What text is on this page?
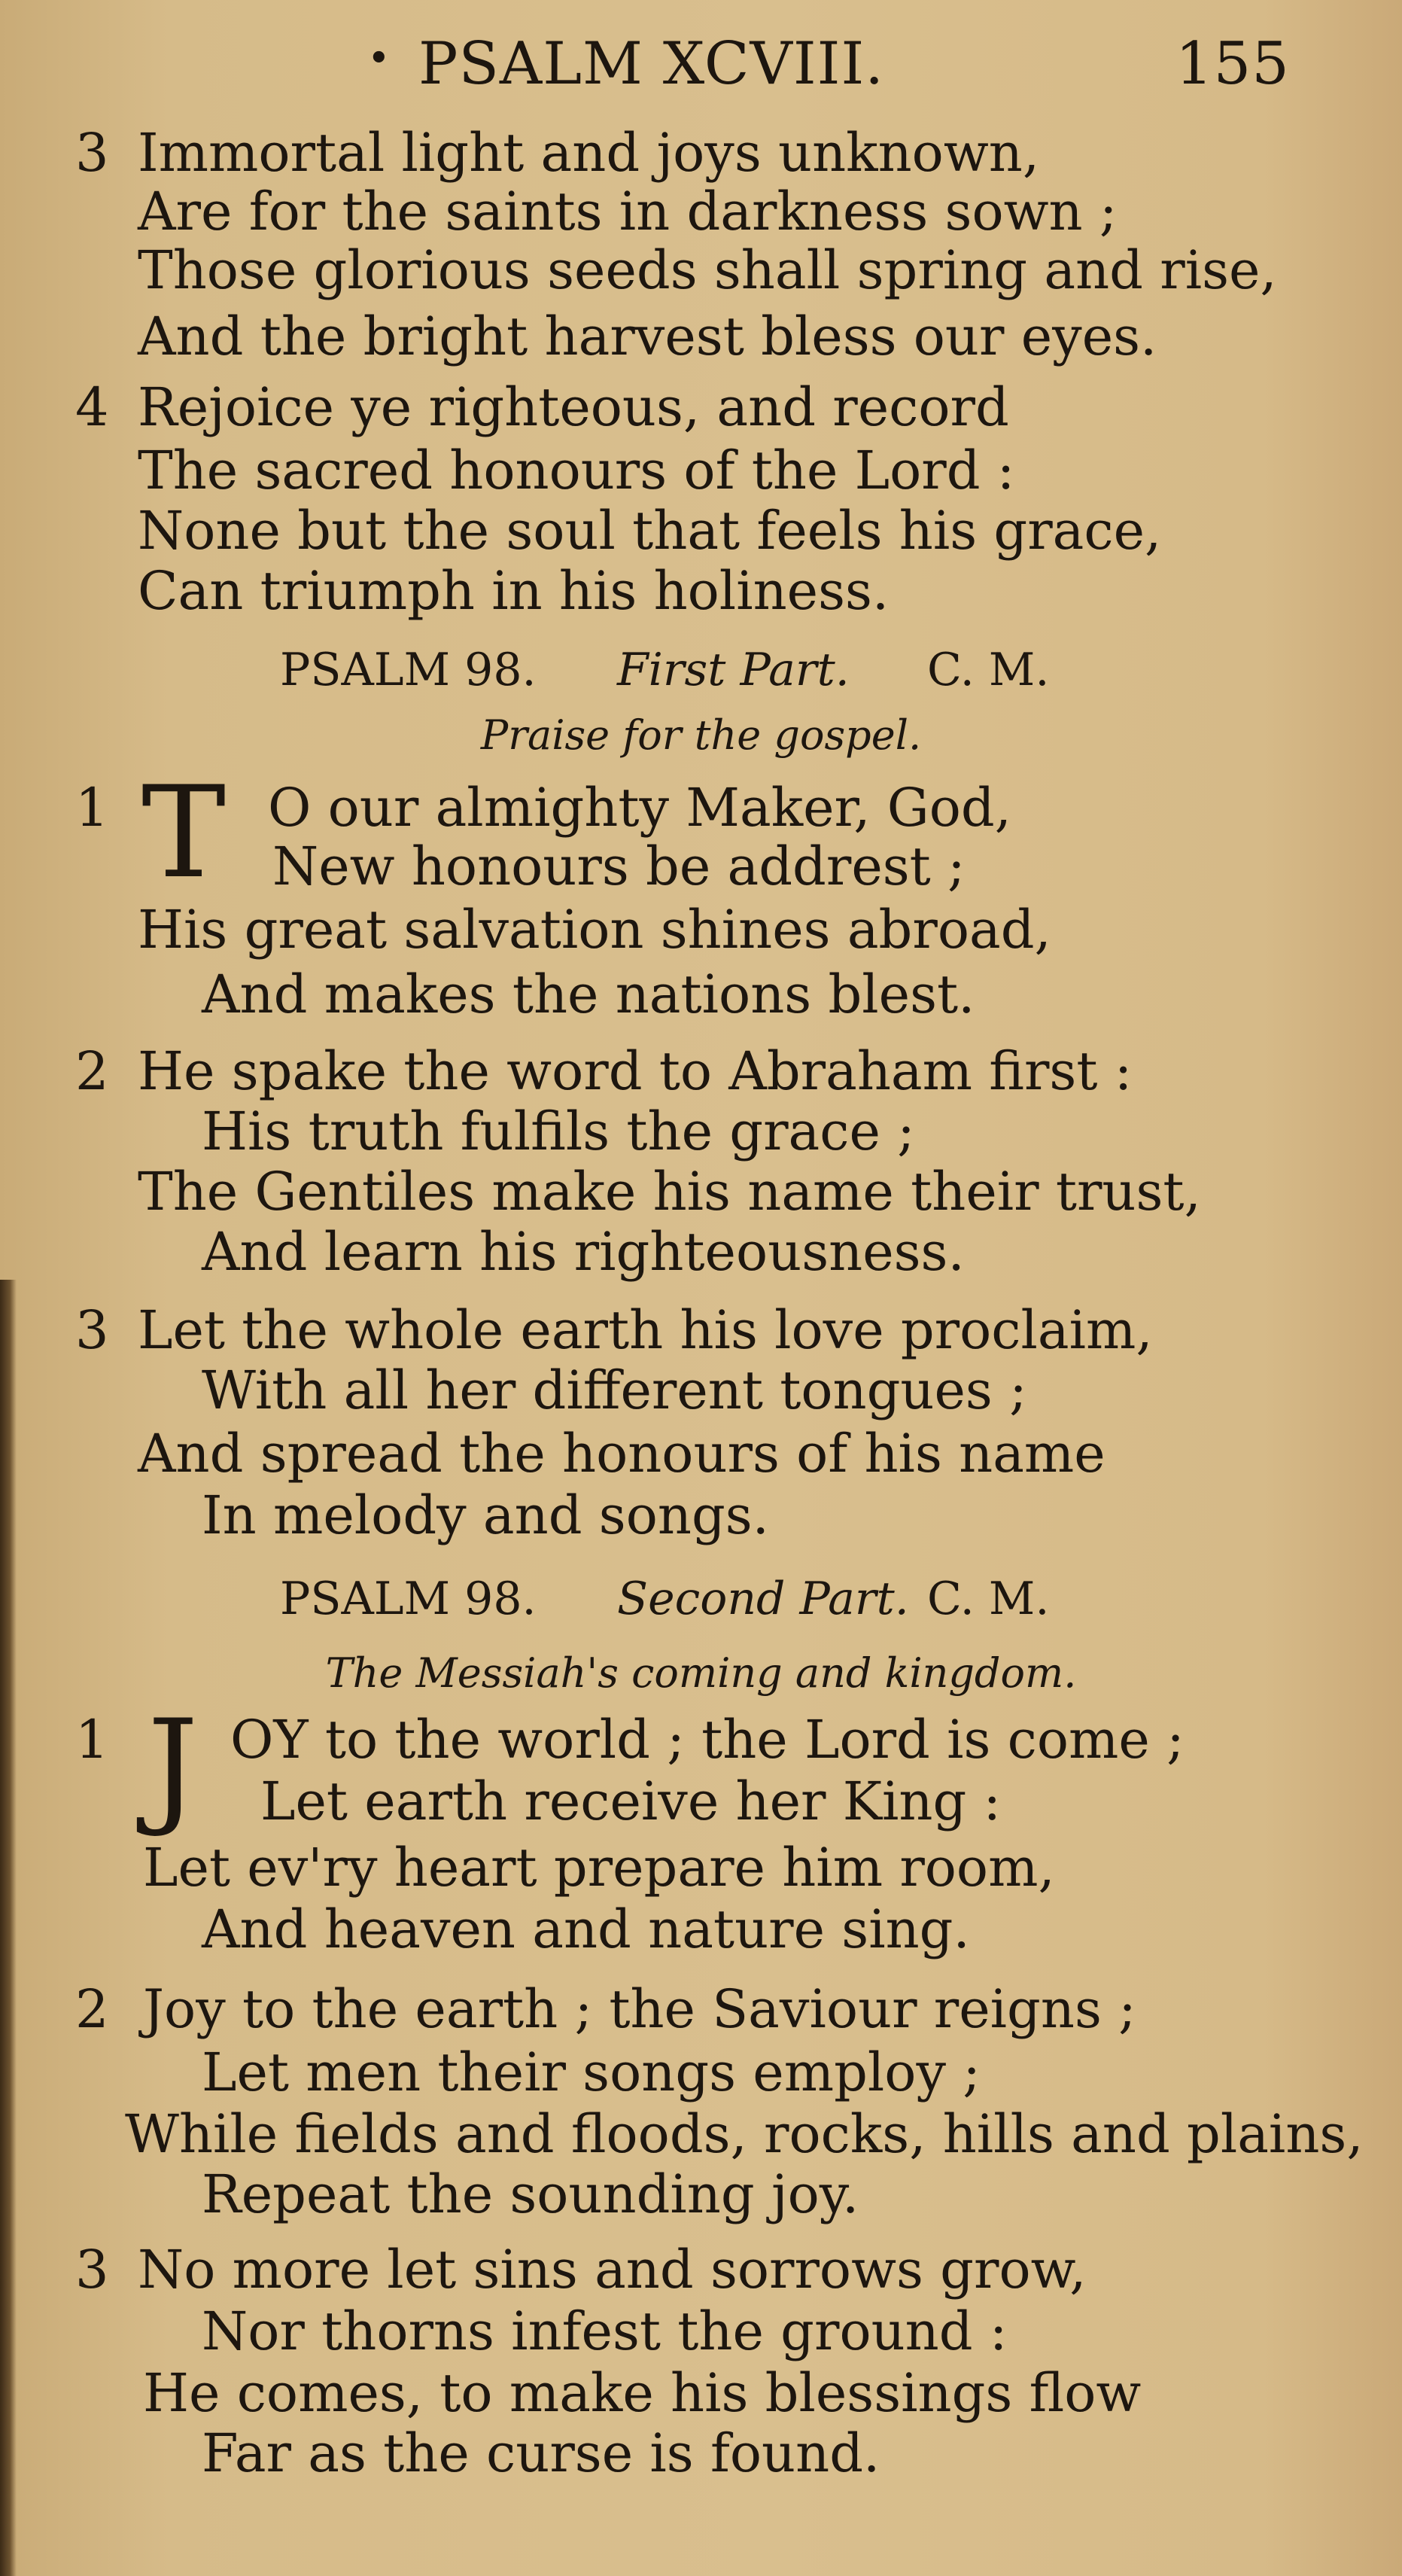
• PSALM XCVIII.	155
3 Immortal light and joys unknown,
Are for the saints in darkness sown ;
Those glorious seeds shall spring and rise,
And the bright harvest bless our eyes.
4 Rejoice ye righteous, and record
The sacred honours of the Lord :
None but the soul that feels his grace,
Can triumph in his holiness.
PSALM 98. First Part. C. M.
Praise for the gospel.
T
1	O our almighty Maker, God,
New honours be addrest ;
His great salvation shines abroad,
And makes the nations blest.
2 He spake the word to Abraham first :
His truth fulfils the grace ;
The Gentiles make his name their trust,
And learn his righteousness.
3 Let the whole earth his love proclaim,
With all her different tongues ;
And spread the honours of his name
In melody and songs.
PSALM 98. Second Part. C. M.
The Messiah's coming and kingdom.
J
1 OY to the world ; the Lord is come ;
Let earth receive her King :
Let ev'ry heart prepare him room,
And heaven and nature sing.
2 Joy to the earth ; the Saviour reigns ;
Let men their songs employ ;
While fields and floods, rocks, hills and plains,
Repeat the sounding joy.
3 No more let sins and sorrows grow,
Nor thorns infest the ground :
He comes, to make his blessings flow
Far as the curse is found.
